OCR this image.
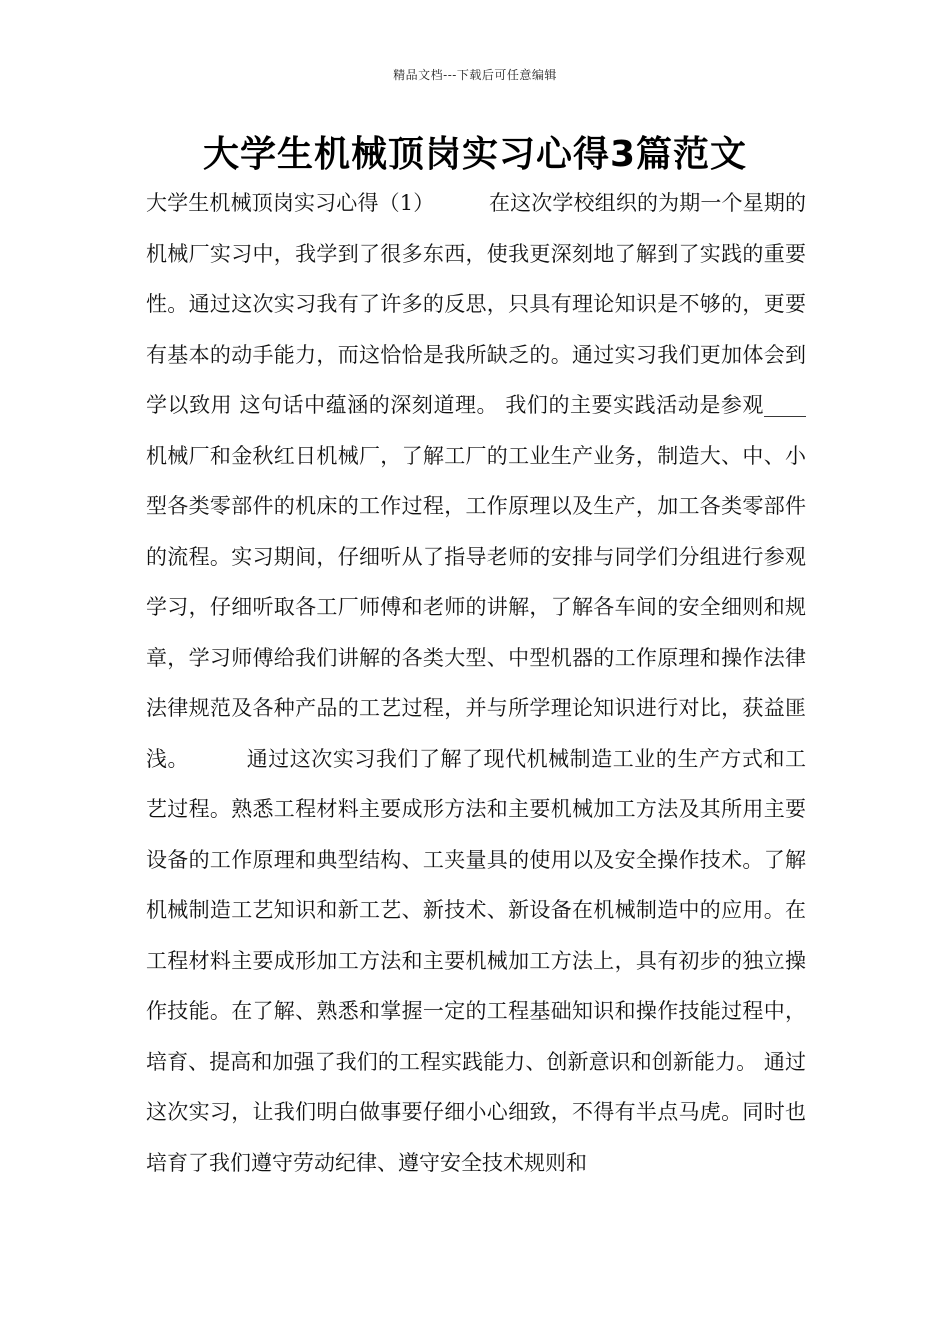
精品文档---下载后可任意编辑
大学生机械顶岗实习心得3篇范文

大学生机械顶岗实习心得（1）        在这次学校组织的为期一个星期的机械厂实习中，我学到了很多东西，使我更深刻地了解到了实践的重要性。通过这次实习我有了许多的反思，只具有理论知识是不够的，更要有基本的动手能力，而这恰恰是我所缺乏的。通过实习我们更加体会到 学以致用 这句话中蕴涵的深刻道理。 我们的主要实践活动是参观____机械厂和金秋红日机械厂，了解工厂的工业生产业务，制造大、中、小型各类零部件的机床的工作过程，工作原理以及生产，加工各类零部件的流程。实习期间，仔细听从了指导老师的安排与同学们分组进行参观学习，仔细听取各工厂师傅和老师的讲解，了解各车间的安全细则和规章，学习师傅给我们讲解的各类大型、中型机器的工作原理和操作法律法律规范及各种产品的工艺过程，并与所学理论知识进行对比，获益匪浅。        通过这次实习我们了解了现代机械制造工业的生产方式和工艺过程。熟悉工程材料主要成形方法和主要机械加工方法及其所用主要设备的工作原理和典型结构、工夹量具的使用以及安全操作技术。了解机械制造工艺知识和新工艺、新技术、新设备在机械制造中的应用。在工程材料主要成形加工方法和主要机械加工方法上，具有初步的独立操作技能。在了解、熟悉和掌握一定的工程基础知识和操作技能过程中，培育、提高和加强了我们的工程实践能力、创新意识和创新能力。 通过这次实习，让我们明白做事要仔细小心细致，不得有半点马虎。同时也培育了我们遵守劳动纪律、遵守安全技术规则和
